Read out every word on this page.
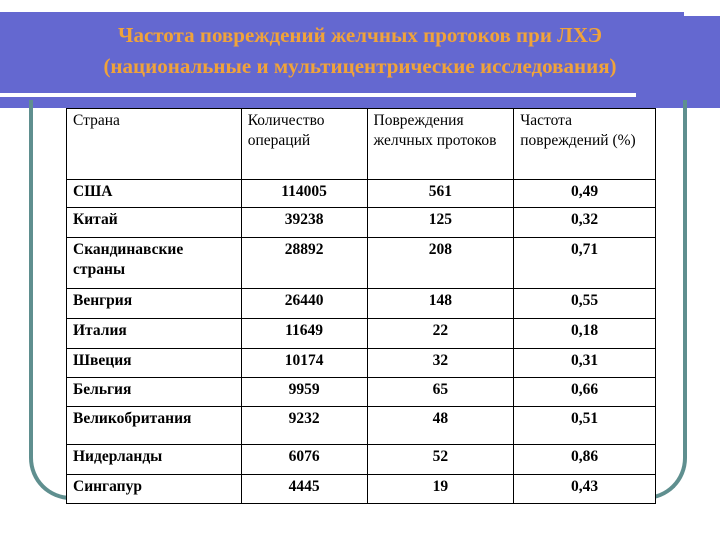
Частота повреждений желчных протоков при ЛХЭ
(национальные и мультицентрические исследования)
Страна	Количество операций	Повреждения желчных протоков	Частота повреждений (%)
США	114005	561	0,49
Китай	39238	125	0,32
Скандинавские страны	28892	208	0,71
Венгрия	26440	148	0,55
Италия	11649	22	0,18
Швеция	10174	32	0,31
Бельгия	9959	65	0,66
Великобритания	9232	48	0,51
Нидерланды	6076	52	0,86
Сингапур	4445	19	0,43
